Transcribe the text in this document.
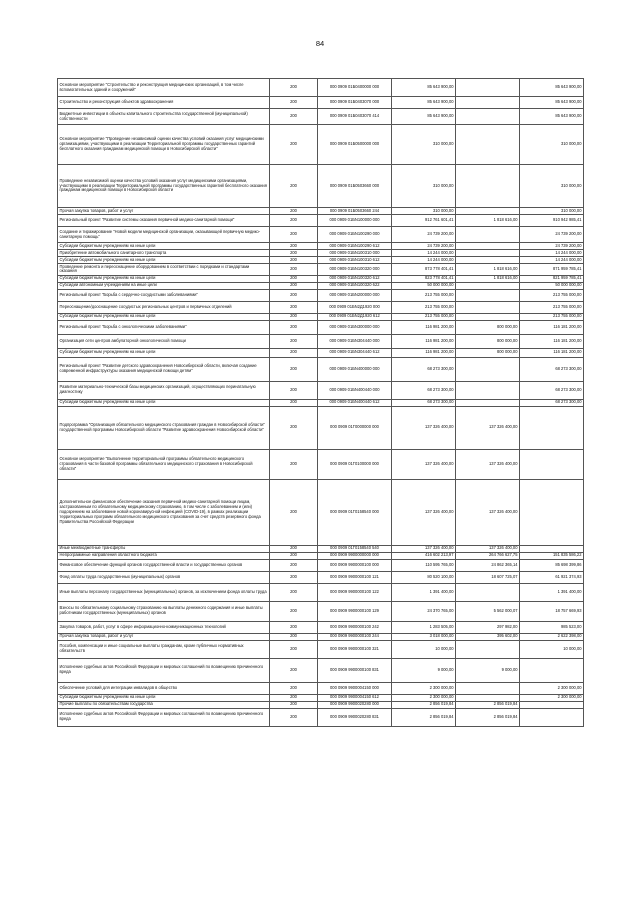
84
Основное мероприятие "Строительство и реконструкция медицинских организаций, в том числе вспомогательных зданий и сооружений"	200	000 0909 01Б0400000 000	85 643 900,00		85 643 900,00
Строительство и реконструкция объектов здравоохранения	200	000 0909 01Б0403070 000	85 643 900,00		85 643 900,00
Бюджетные инвестиции в объекты капитального строительства государственной (муниципальной) собственности	200	000 0909 01Б0403070 414	85 643 900,00		85 643 900,00
Основное мероприятие "Проведение независимой оценки качества условий оказания услуг медицинскими организациями, участвующими в реализации Территориальной программы государственных гарантий бесплатного оказания гражданам медицинской помощи в Новосибирской области"	200	000 0909 01Б0500000 000	310 000,00		310 000,00
Проведение независимой оценки качества условий оказания услуг медицинскими организациями, участвующими в реализации Территориальной программы государственных гарантий бесплатного оказания гражданам медицинской помощи в Новосибирской области	200	000 0909 01Б0503660 000	310 000,00		310 000,00
Прочая закупка товаров, работ и услуг	200	000 0909 01Б0503660 244	310 000,00		310 000,00
Региональный проект "Развитие системы оказания первичной медико-санитарной помощи"	200	000 0909 01БN100000 000	912 761 601,41	1 818 616,00	910 942 985,41
Создание и тиражирование "Новой модели медицинской организации, оказывающей первичную медико-санитарную помощь"	200	000 0909 01БN100290 000	24 739 200,00		24 739 200,00
Субсидии бюджетным учреждениям на иные цели	200	000 0909 01БN100290 612	24 739 200,00		24 739 200,00
Приобретение автомобильного санитарного транспорта	200	000 0909 01БN100310 000	14 244 000,00		14 244 000,00
Субсидии бюджетным учреждениям на иные цели	200	000 0909 01БN100310 612	14 244 000,00		14 244 000,00
Проведение ремонта и переоснащение оборудованием в соответствии с порядками и стандартами оказания	200	000 0909 01БN100320 000	873 778 401,41	1 818 616,00	871 959 785,41
Субсидии бюджетным учреждениям на иные цели	200	000 0909 01БN100320 612	823 778 401,41	1 818 616,00	821 959 785,41
Субсидии автономным учреждениям на иные цели	200	000 0909 01БN100320 622	50 000 000,00		50 000 000,00
Региональный проект "Борьба с сердечно-сосудистыми заболеваниями"	200	000 0909 01БN200000 000	213 755 000,00		213 755 000,00
Переоснащение/дооснащение сосудистых региональных центров и первичных отделений	200	000 0909 01БN2Д1920 000	213 755 000,00		213 755 000,00
Субсидии бюджетным учреждениям на иные цели	200	000 0909 01БN2Д1920 612	213 755 000,00		213 755 000,00
Региональный проект "Борьба с онкологическими заболеваниями"	200	000 0909 01БN300000 000	116 981 200,00	800 000,00	116 181 200,00
Организация сети центров амбулаторной онкологической помощи	200	000 0909 01БN304440 000	116 981 200,00	800 000,00	116 181 200,00
Субсидии бюджетным учреждениям на иные цели	200	000 0909 01БN304440 612	116 981 200,00	800 000,00	116 181 200,00
Региональный проект "Развитие детского здравоохранения Новосибирской области, включая создание современной инфраструктуры оказания медицинской помощи детям"	200	000 0909 01БN400000 000	68 273 300,00		68 273 300,00
Развитие материально-технической базы медицинских организаций, осуществляющих перинатальную диагностику	200	000 0909 01БN400440 000	68 273 300,00		68 273 300,00
Субсидии бюджетным учреждениям на иные цели	200	000 0909 01БN400440 612	68 273 300,00		68 273 300,00
Подпрограмма "Организация обязательного медицинского страхования граждан в Новосибирской области" государственной программы Новосибирской области "Развитие здравоохранения Новосибирской области"	200	000 0909 01Г0000000 000	137 326 400,00	137 326 400,00	
Основное мероприятие "Выполнение территориальной программы обязательного медицинского страхования в части базовой программы обязательного медицинского страхования в Новосибирской области"	200	000 0909 01Г0100000 000	137 326 400,00	137 326 400,00	
Дополнительное финансовое обеспечение оказания первичной медико-санитарной помощи лицам, застрахованным по обязательному медицинскому страхованию, в том числе с заболеванием и (или) подозрением на заболевание новой коронавирусной инфекцией (COVID-19), в рамках реализации территориальных программ обязательного медицинского страхования за счет средств резервного фонда Правительства Российской Федерации	200	000 0909 01Г0158540 000	137 326 400,00	137 326 400,00	
Иные межбюджетные трансферты	200	000 0909 01Г0158540 540	137 326 400,00	137 326 400,00	
Непрограммные направления областного бюджета	200	000 0909 9900000000 000	416 602 213,97	264 766 627,75	151 835 586,22
Финансовое обеспечение функций органов государственной власти и государственных органов	200	000 0909 9900000100 000	110 595 765,00	24 862 365,14	85 698 399,86
Фонд оплаты труда государственных (муниципальных) органов	200	000 0909 9900000100 121	80 520 100,00	18 607 725,07	61 921 374,93
Иные выплаты персоналу государственных (муниципальных) органов, за исключением фонда оплаты труда	200	000 0909 9900000100 122	1 391 400,00		1 391 400,00
Взносы по обязательному социальному страхованию на выплаты денежного содержания и иные выплаты работникам государственных (муниципальных) органов	200	000 0909 9900000100 129	24 370 765,00	5 562 000,07	18 757 669,93
Закупка товаров, работ, услуг в сфере информационно-коммуникационных технологий	200	000 0909 9900000100 242	1 283 505,00	297 982,00	985 523,00
Прочая закупка товаров, работ и услуг	200	000 0909 9900000100 244	3 018 000,00	395 602,00	2 622 398,00
Пособия, компенсации и иные социальные выплаты гражданам, кроме публичных нормативных обязательств	200	000 0909 9900000100 321	10 000,00		10 000,00
Исполнение судебных актов Российской Федерации и мировых соглашений по возмещению причиненного вреда	200	000 0909 9900000100 831	9 000,00	9 000,00	
Обеспечение условий для интеграции инвалидов в общество	200	000 0909 9900004150 000	2 300 000,00		2 300 000,00
Субсидии бюджетным учреждениям на иные цели	200	000 0909 9900004150 612	2 300 000,00		2 300 000,00
Прочие выплаты по обязательствам государства	200	000 0909 9900020280 000	2 856 019,84	2 856 019,84	
Исполнение судебных актов Российской Федерации и мировых соглашений по возмещению причиненного вреда	200	000 0909 9900020280 831	2 856 019,84	2 856 019,84	
